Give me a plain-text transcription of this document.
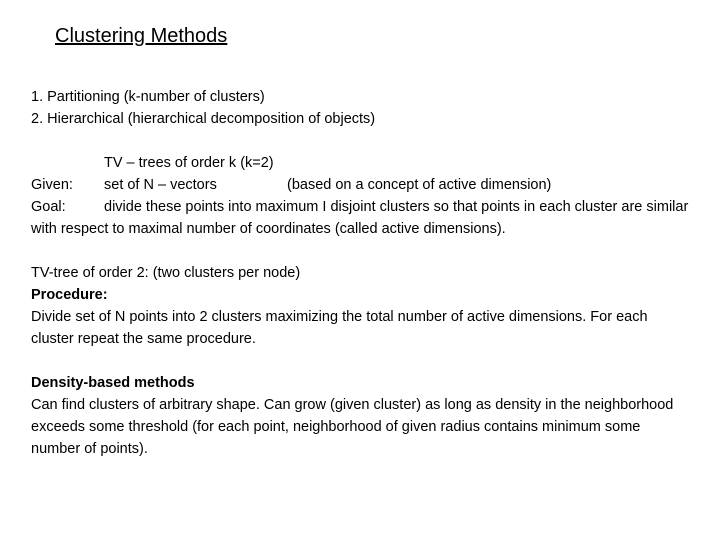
Clustering Methods
1. Partitioning (k-number of clusters)
2. Hierarchical (hierarchical decomposition of objects)
TV – trees of order k (k=2)
Given: set of N – vectors	(based on a concept of active dimension)
Goal:	divide these points into maximum I disjoint clusters so that points in each cluster are similar with respect to maximal number of coordinates (called active dimensions).

TV-tree of order 2: (two clusters per node)
Procedure:

Divide set of N points into 2 clusters maximizing the total number of active dimensions. For each cluster repeat the same procedure.

Density-based methods

Can find clusters of arbitrary shape. Can grow (given cluster) as long as density in the neighborhood exceeds some threshold (for each point, neighborhood of given radius contains minimum some number of points).
